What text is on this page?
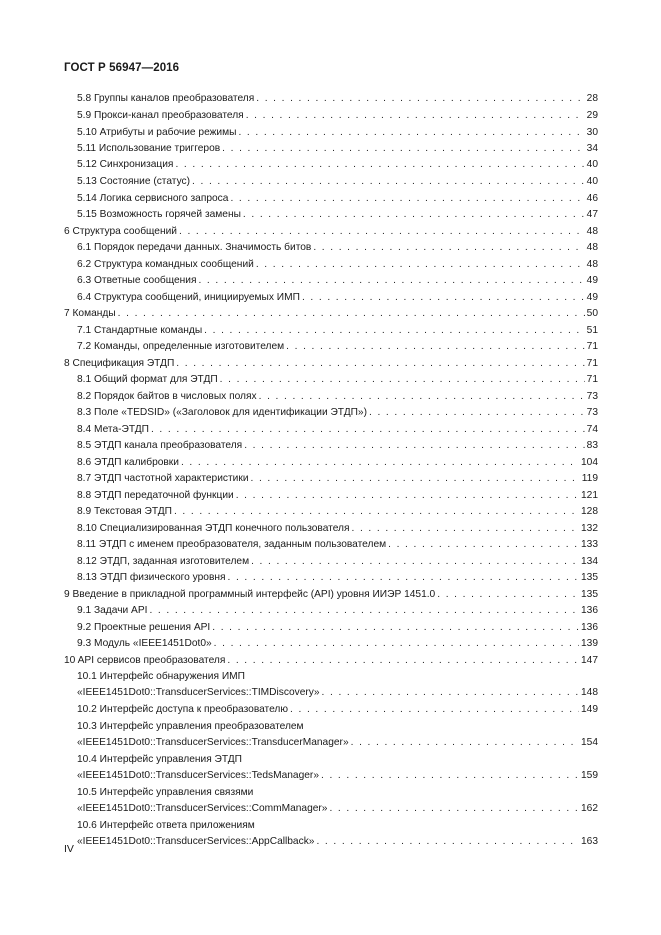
ГОСТ Р 56947—2016
5.8 Группы каналов преобразователя . . .	28
5.9 Прокси-канал преобразователя . . .	29
5.10 Атрибуты и рабочие режимы . . .	30
5.11 Использование триггеров . . .	34
5.12 Синхронизация . . .	40
5.13 Состояние (статус) . . .	40
5.14 Логика сервисного запроса . . .	46
5.15 Возможность горячей замены . . .	47
6 Структура сообщений . . .	48
6.1 Порядок передачи данных. Значимость битов . . .	48
6.2 Структура командных сообщений . . .	48
6.3 Ответные сообщения . . .	49
6.4 Структура сообщений, инициируемых ИМП . . .	49
7 Команды . . .	50
7.1 Стандартные команды . . .	51
7.2 Команды, определенные изготовителем . . .	71
8 Спецификация ЭТДП . . .	71
8.1 Общий формат для ЭТДП . . .	71
8.2 Порядок байтов в числовых полях . . .	73
8.3 Поле «TEDSID» («Заголовок для идентификации ЭТДП») . . .	73
8.4 Мета-ЭТДП . . .	74
8.5 ЭТДП канала преобразователя . . .	83
8.6 ЭТДП калибровки . . .	104
8.7 ЭТДП частотной характеристики . . .	119
8.8 ЭТДП передаточной функции . . .	121
8.9 Текстовая ЭТДП . . .	128
8.10 Специализированная ЭТДП конечного пользователя . . .	132
8.11 ЭТДП с именем преобразователя, заданным пользователем . . .	133
8.12 ЭТДП, заданная изготовителем . . .	134
8.13 ЭТДП физического уровня . . .	135
9 Введение в прикладной программный интерфейс (API) уровня ИИЭР 1451.0 . . .	135
9.1 Задачи API . . .	136
9.2 Проектные решения API . . .	136
9.3 Модуль «IEEE1451Dot0» . . .	139
10 API сервисов преобразователя . . .	147
10.1 Интерфейс обнаружения ИМП
«IEEE1451Dot0::TransducerServices::TIMDiscovery» . . .	148
10.2 Интерфейс доступа к преобразователю . . .	149
10.3 Интерфейс управления преобразователем
«IEEE1451Dot0::TransducerServices::TransducerManager» . . .	154
10.4 Интерфейс управления ЭТДП
«IEEE1451Dot0::TransducerServices::TedsManager» . . .	159
10.5 Интерфейс управления связями
«IEEE1451Dot0::TransducerServices::CommManager» . . .	162
10.6 Интерфейс ответа приложениям
«IEEE1451Dot0::TransducerServices::AppCallback» . . .	163
IV
